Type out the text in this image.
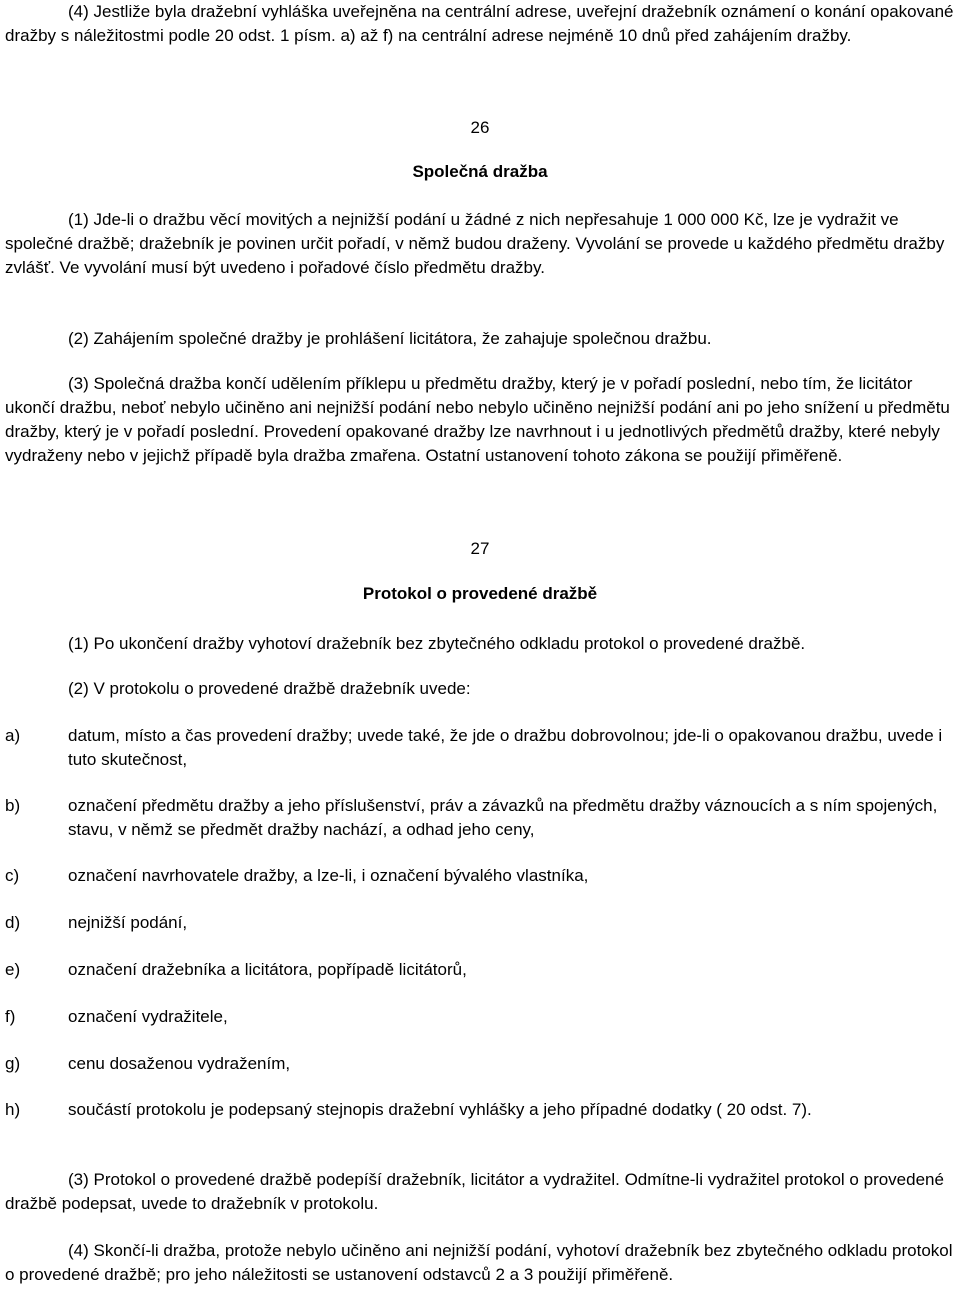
(4) Jestliže byla dražební vyhláška uveřejněna na centrální adrese, uveřejní dražebník oznámení o konání opakované dražby s náležitostmi podle 20 odst. 1 písm. a) až f) na centrální adrese nejméně 10 dnů před zahájením dražby.

26

Společná dražba

(1) Jde-li o dražbu věcí movitých a nejnižší podání u žádné z nich nepřesahuje 1 000 000 Kč, lze je vydražit ve společné dražbě; dražebník je povinen určit pořadí, v němž budou draženy. Vyvolání se provede u každého předmětu dražby zvlášť. Ve vyvolání musí být uvedeno i pořadové číslo předmětu dražby.

(2) Zahájením společné dražby je prohlášení licitátora, že zahajuje společnou dražbu.

(3) Společná dražba končí udělením příklepu u předmětu dražby, který je v pořadí poslední, nebo tím, že licitátor ukončí dražbu, neboť nebylo učiněno ani nejnižší podání nebo nebylo učiněno nejnižší podání ani po jeho snížení u předmětu dražby, který je v pořadí poslední. Provedení opakované dražby lze navrhnout i u jednotlivých předmětů dražby, které nebyly vydraženy nebo v jejichž případě byla dražba zmařena. Ostatní ustanovení tohoto zákona se použijí přiměřeně.

27

Protokol o provedené dražbě

(1) Po ukončení dražby vyhotoví dražebník bez zbytečného odkladu protokol o provedené dražbě.

(2) V protokolu o provedené dražbě dražebník uvede:

a)	datum, místo a čas provedení dražby; uvede také, že jde o dražbu dobrovolnou; jde-li o opakovanou dražbu, uvede i tuto skutečnost,
b)	označení předmětu dražby a jeho příslušenství, práv a závazků na předmětu dražby váznoucích a s ním spojených, stavu, v němž se předmět dražby nachází, a odhad jeho ceny,
c)	označení navrhovatele dražby, a lze-li, i označení bývalého vlastníka,
d)	nejnižší podání,
e)	označení dražebníka a licitátora, popřípadě licitátorů,
f)	označení vydražitele,
g)	cenu dosaženou vydražením,
h)	součástí protokolu je podepsaný stejnopis dražební vyhlášky a jeho případné dodatky ( 20 odst. 7).

(3) Protokol o provedené dražbě podepíší dražebník, licitátor a vydražitel. Odmítne-li vydražitel protokol o provedené dražbě podepsat, uvede to dražebník v protokolu.

(4) Skončí-li dražba, protože nebylo učiněno ani nejnižší podání, vyhotoví dražebník bez zbytečného odkladu protokol o provedené dražbě; pro jeho náležitosti se ustanovení odstavců 2 a 3 použijí přiměřeně.
